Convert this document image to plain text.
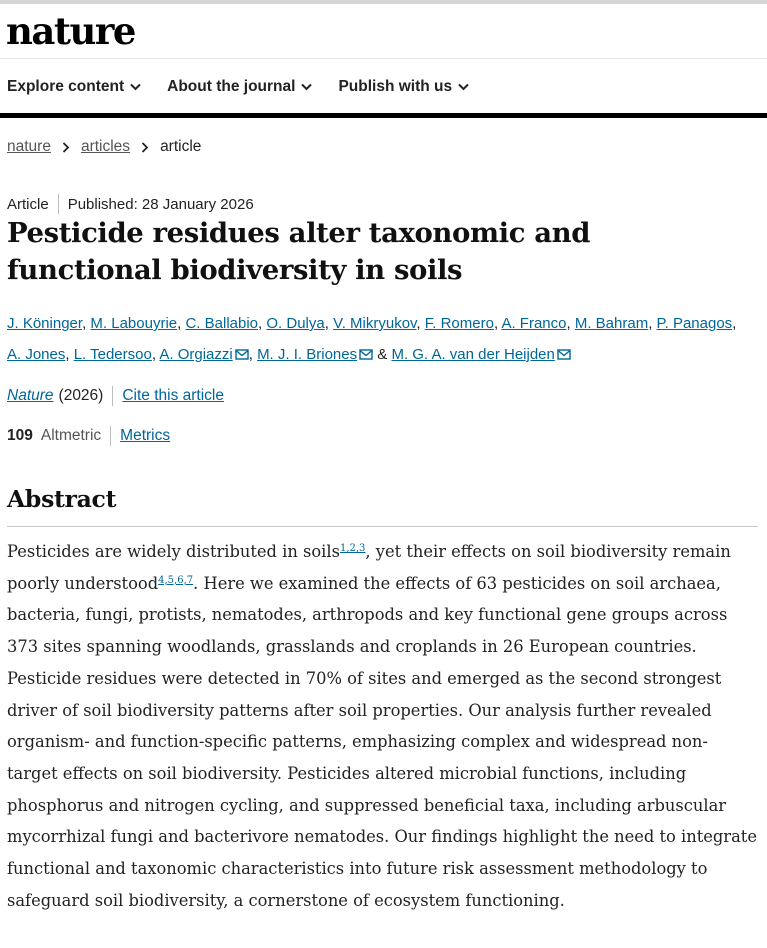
nature
Explore content	About the journal	Publish with us
nature articles article
Article Published: 28 January 2026
Pesticide residues alter taxonomic and functional biodiversity in soils
J. Köninger, M. Labouyrie, C. Ballabio, O. Dulya, V. Mikryukov, F. Romero, A. Franco, M. Bahram, P. Panagos,
A. Jones, L. Tedersoo, A. Orgiazzi , M. J. I. Briones & M. G. A. van der Heijden
Nature (2026) Cite this article
109 Altmetric Metrics
Abstract

Pesticides are widely distributed in soils$^{1,2,3}$, yet their effects on soil biodiversity remain poorly understood$^{4,5,6,7}$. Here we examined the effects of 63 pesticides on soil archaea, bacteria, fungi, protists, nematodes, arthropods and key functional gene groups across 373 sites spanning woodlands, grasslands and croplands in 26 European countries. Pesticide residues were detected in 70% of sites and emerged as the second strongest driver of soil biodiversity patterns after soil properties. Our analysis further revealed organism- and function-specific patterns, emphasizing complex and widespread non-target effects on soil biodiversity. Pesticides altered microbial functions, including phosphorus and nitrogen cycling, and suppressed beneficial taxa, including arbuscular mycorrhizal fungi and bacterivore nematodes. Our findings highlight the need to integrate functional and taxonomic characteristics into future risk assessment methodology to safeguard soil biodiversity, a cornerstone of ecosystem functioning.
